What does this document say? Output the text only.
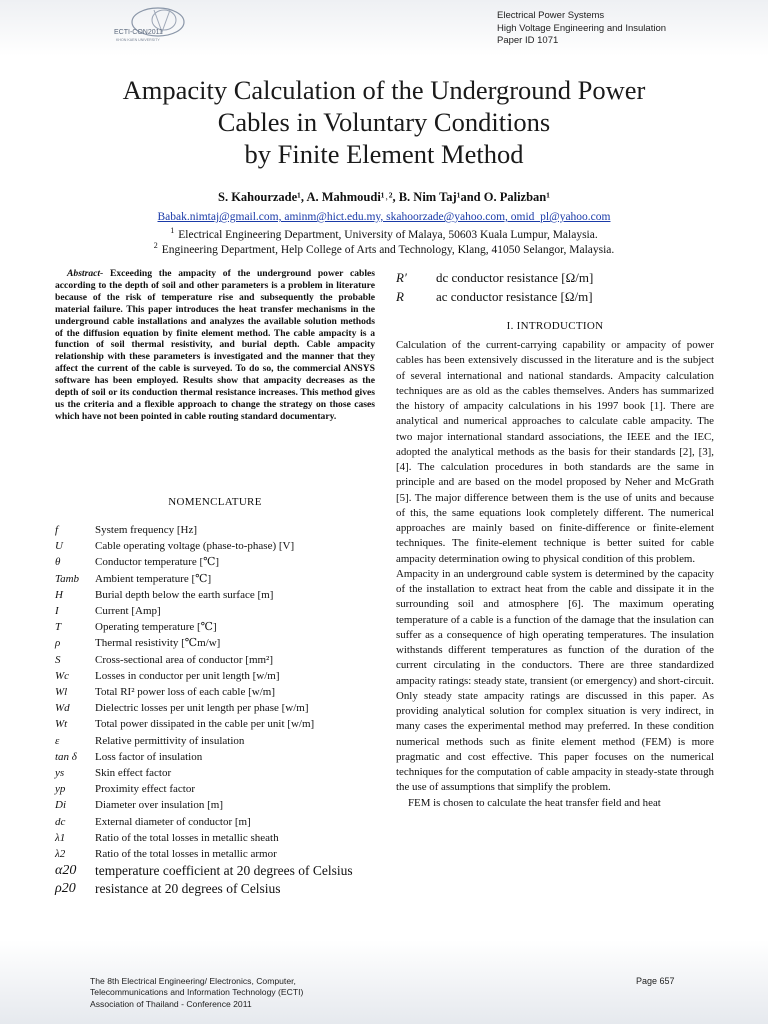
ECTI-CON2011
KHON KAEN UNIVERSITY
Electrical Power Systems
High Voltage Engineering and Insulation
Paper ID 1071
Ampacity Calculation of the Underground Power
Cables in Voluntary Conditions
by Finite Element Method
S. Kahourzade¹, A. Mahmoudi¹˒², B. Nim Taj¹and O. Palizban¹
Babak.nimtaj@gmail.com, aminm@hict.edu.my, skahoorzade@yahoo.com, omid_pl@yahoo.com
$^1$ Electrical Engineering Department, University of Malaya, 50603 Kuala Lumpur, Malaysia.
$^2$ Engineering Department, Help College of Arts and Technology, Klang, 41050 Selangor, Malaysia.

Abstract- Exceeding the ampacity of the underground power cables according to the depth of soil and other parameters is a problem in literature because of the risk of temperature rise and subsequently the probable material failure. This paper introduces the heat transfer mechanisms in the underground cable installations and analyzes the available solution methods of the diffusion equation by finite element method. The cable ampacity is a function of soil thermal resistivity, and burial depth. Cable ampacity relationship with these parameters is investigated and the manner that they affect the current of the cable is surveyed. To do so, the commercial ANSYS software has been employed. Results show that ampacity decreases as the depth of soil or its conduction thermal resistance increases. This method gives us the criteria and a flexible approach to change the strategy on those cases which have not been pointed in cable routing standard documentary.

NOMENCLATURE

f	System frequency [Hz]
U	Cable operating voltage (phase-to-phase) [V]
θ	Conductor temperature [℃]
Tamb	Ambient temperature [℃]
H	Burial depth below the earth surface [m]
I	Current [Amp]
T	Operating temperature [℃]
ρ	Thermal resistivity [℃m/w]
S	Cross-sectional area of conductor [mm²]
Wc	Losses in conductor per unit length [w/m]
Wl	Total RI² power loss of each cable [w/m]
Wd	Dielectric losses per unit length per phase [w/m]
Wt	Total power dissipated in the cable per unit [w/m]
ε	Relative permittivity of insulation
tan δ	Loss factor of insulation
ys	Skin effect factor
yp	Proximity effect factor
Di	Diameter over insulation [m]
dc	External diameter of conductor [m]
λ1	Ratio of the total losses in metallic sheath
λ2	Ratio of the total losses in metallic armor
α20	temperature coefficient at 20 degrees of Celsius
ρ20	resistance at 20 degrees of Celsius
R′	dc conductor resistance [Ω/m]
R	ac conductor resistance [Ω/m]

I. INTRODUCTION

Calculation of the current-carrying capability or ampacity of power cables has been extensively discussed in the literature and is the subject of several international and national standards. Ampacity calculation techniques are as old as the cables themselves. Anders has summarized the history of ampacity calculations in his 1997 book [1]. There are analytical and numerical approaches to calculate cable ampacity. The two major international standard associations, the IEEE and the IEC, adopted the analytical methods as the basis for their standards [2], [3], [4]. The calculation procedures in both standards are the same in principle and are based on the model proposed by Neher and McGrath [5]. The major difference between them is the use of units and because of this, the same equations look completely different. The numerical approaches are mainly based on finite-difference or finite-element techniques. The finite-element technique is better suited for cable ampacity determination owing to physical condition of this problem.

Ampacity in an underground cable system is determined by the capacity of the installation to extract heat from the cable and dissipate it in the surrounding soil and atmosphere [6]. The maximum operating temperature of a cable is a function of the damage that the insulation can suffer as a consequence of high operating temperatures. The insulation withstands different temperatures as function of the duration of the current circulating in the conductors. There are three standardized ampacity ratings: steady state, transient (or emergency) and short-circuit. Only steady state ampacity ratings are discussed in this paper. As providing analytical solution for complex situation is very indirect, in many cases the experimental method may preferred. In these condition numerical methods such as finite element method (FEM) is more pragmatic and cost effective. This paper focuses on the numerical techniques for the computation of cable ampacity in steady-state through the use of assumptions that simplify the problem.

FEM is chosen to calculate the heat transfer field and heat

The 8th Electrical Engineering/ Electronics, Computer,
Telecommunications and Information Technology (ECTI)
Association of Thailand - Conference 2011
Page 657
